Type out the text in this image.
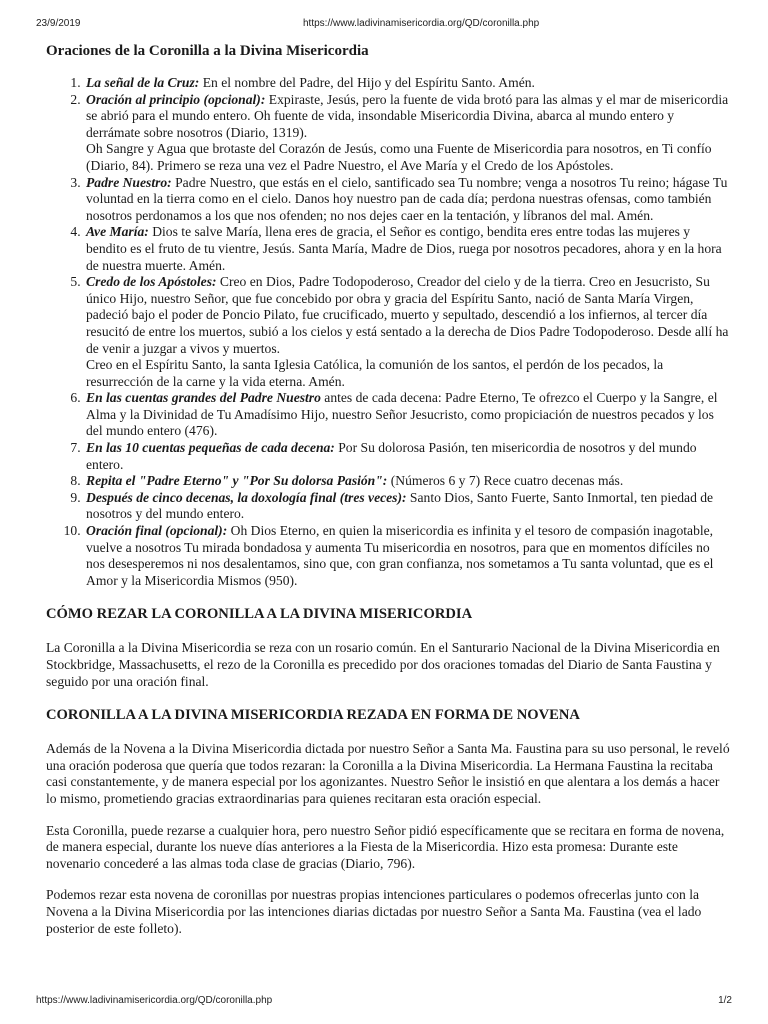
23/9/2019	https://www.ladivinamisericordia.org/QD/coronilla.php
Oraciones de la Coronilla a la Divina Misericordia
1. La señal de la Cruz: En el nombre del Padre, del Hijo y del Espíritu Santo. Amén.
2. Oración al principio (opcional): Expiraste, Jesús, pero la fuente de vida brotó para las almas y el mar de misericordia se abrió para el mundo entero. Oh fuente de vida, insondable Misericordia Divina, abarca al mundo entero y derrámate sobre nosotros (Diario, 1319).
Oh Sangre y Agua que brotaste del Corazón de Jesús, como una Fuente de Misericordia para nosotros, en Ti confío (Diario, 84). Primero se reza una vez el Padre Nuestro, el Ave María y el Credo de los Apóstoles.
3. Padre Nuestro: Padre Nuestro, que estás en el cielo, santificado sea Tu nombre; venga a nosotros Tu reino; hágase Tu voluntad en la tierra como en el cielo. Danos hoy nuestro pan de cada día; perdona nuestras ofensas, como también nosotros perdonamos a los que nos ofenden; no nos dejes caer en la tentación, y líbranos del mal. Amén.
4. Ave María: Dios te salve María, llena eres de gracia, el Señor es contigo, bendita eres entre todas las mujeres y bendito es el fruto de tu vientre, Jesús. Santa María, Madre de Dios, ruega por nosotros pecadores, ahora y en la hora de nuestra muerte. Amén.
5. Credo de los Apóstoles: Creo en Dios, Padre Todopoderoso, Creador del cielo y de la tierra. Creo en Jesucristo, Su único Hijo, nuestro Señor, que fue concebido por obra y gracia del Espíritu Santo, nació de Santa María Virgen, padeció bajo el poder de Poncio Pilato, fue crucificado, muerto y sepultado, descendió a los infiernos, al tercer día resucitó de entre los muertos, subió a los cielos y está sentado a la derecha de Dios Padre Todopoderoso. Desde allí ha de venir a juzgar a vivos y muertos.
Creo en el Espíritu Santo, la santa Iglesia Católica, la comunión de los santos, el perdón de los pecados, la resurrección de la carne y la vida eterna. Amén.
6. En las cuentas grandes del Padre Nuestro antes de cada decena: Padre Eterno, Te ofrezco el Cuerpo y la Sangre, el Alma y la Divinidad de Tu Amadísimo Hijo, nuestro Señor Jesucristo, como propiciación de nuestros pecados y los del mundo entero (476).
7. En las 10 cuentas pequeñas de cada decena: Por Su dolorosa Pasión, ten misericordia de nosotros y del mundo entero.
8. Repita el "Padre Eterno" y "Por Su dolorsa Pasión": (Números 6 y 7) Rece cuatro decenas más.
9. Después de cinco decenas, la doxología final (tres veces): Santo Dios, Santo Fuerte, Santo Inmortal, ten piedad de nosotros y del mundo entero.
10. Oración final (opcional): Oh Dios Eterno, en quien la misericordia es infinita y el tesoro de compasión inagotable, vuelve a nosotros Tu mirada bondadosa y aumenta Tu misericordia en nosotros, para que en momentos difíciles no nos desesperemos ni nos desalentamos, sino que, con gran confianza, nos sometamos a Tu santa voluntad, que es el Amor y la Misericordia Mismos (950).
CÓMO REZAR LA CORONILLA A LA DIVINA MISERICORDIA

La Coronilla a la Divina Misericordia se reza con un rosario común. En el Santurario Nacional de la Divina Misericordia en Stockbridge, Massachusetts, el rezo de la Coronilla es precedido por dos oraciones tomadas del Diario de Santa Faustina y seguido por una oración final.

CORONILLA A LA DIVINA MISERICORDIA REZADA EN FORMA DE NOVENA

Además de la Novena a la Divina Misericordia dictada por nuestro Señor a Santa Ma. Faustina para su uso personal, le reveló una oración poderosa que quería que todos rezaran: la Coronilla a la Divina Misericordia. La Hermana Faustina la recitaba casi constantemente, y de manera especial por los agonizantes. Nuestro Señor le insistió en que alentara a los demás a hacer lo mismo, prometiendo gracias extraordinarias para quienes recitaran esta oración especial.

Esta Coronilla, puede rezarse a cualquier hora, pero nuestro Señor pidió específicamente que se recitara en forma de novena, de manera especial, durante los nueve días anteriores a la Fiesta de la Misericordia. Hizo esta promesa: Durante este novenario concederé a las almas toda clase de gracias (Diario, 796).

Podemos rezar esta novena de coronillas por nuestras propias intenciones particulares o podemos ofrecerlas junto con la Novena a la Divina Misericordia por las intenciones diarias dictadas por nuestro Señor a Santa Ma. Faustina (vea el lado posterior de este folleto).

https://www.ladivinamisericordia.org/QD/coronilla.php	1/2
